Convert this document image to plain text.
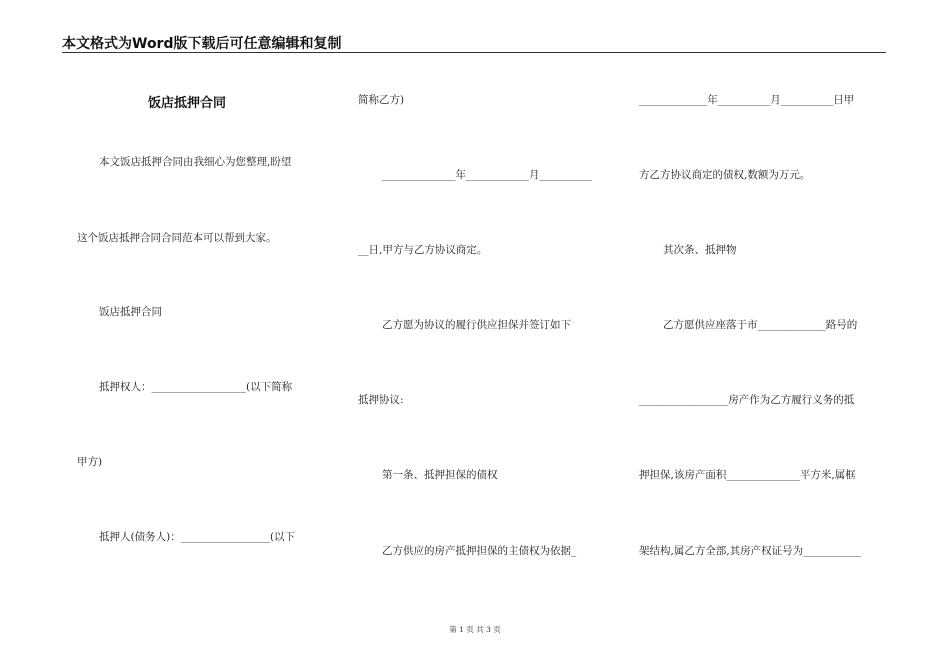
本文格式为Word版下载后可任意编辑和复制
饭店抵押合同
本文饭店抵押合同由我细心为您整理,盼望
这个饭店抵押合同合同范本可以帮到大家。
饭店抵押合同
抵押权人：__________________(以下简称
甲方)
抵押人(债务人)：_________________(以下
简称乙方)
______________年____________月__________
__日,甲方与乙方协议商定。
乙方愿为协议的履行供应担保并签订如下
抵押协议:
第一条、抵押担保的债权
乙方供应的房产抵押担保的主债权为依据_
_____________年__________月__________日甲
方乙方协议商定的债权,数额为万元。
其次条、抵押物
乙方愿供应座落于市_____________路号的
_________________房产作为乙方履行义务的抵
押担保,该房产面积______________平方米,属框
架结构,属乙方全部,其房产权证号为___________
第 1 页 共 3 页
